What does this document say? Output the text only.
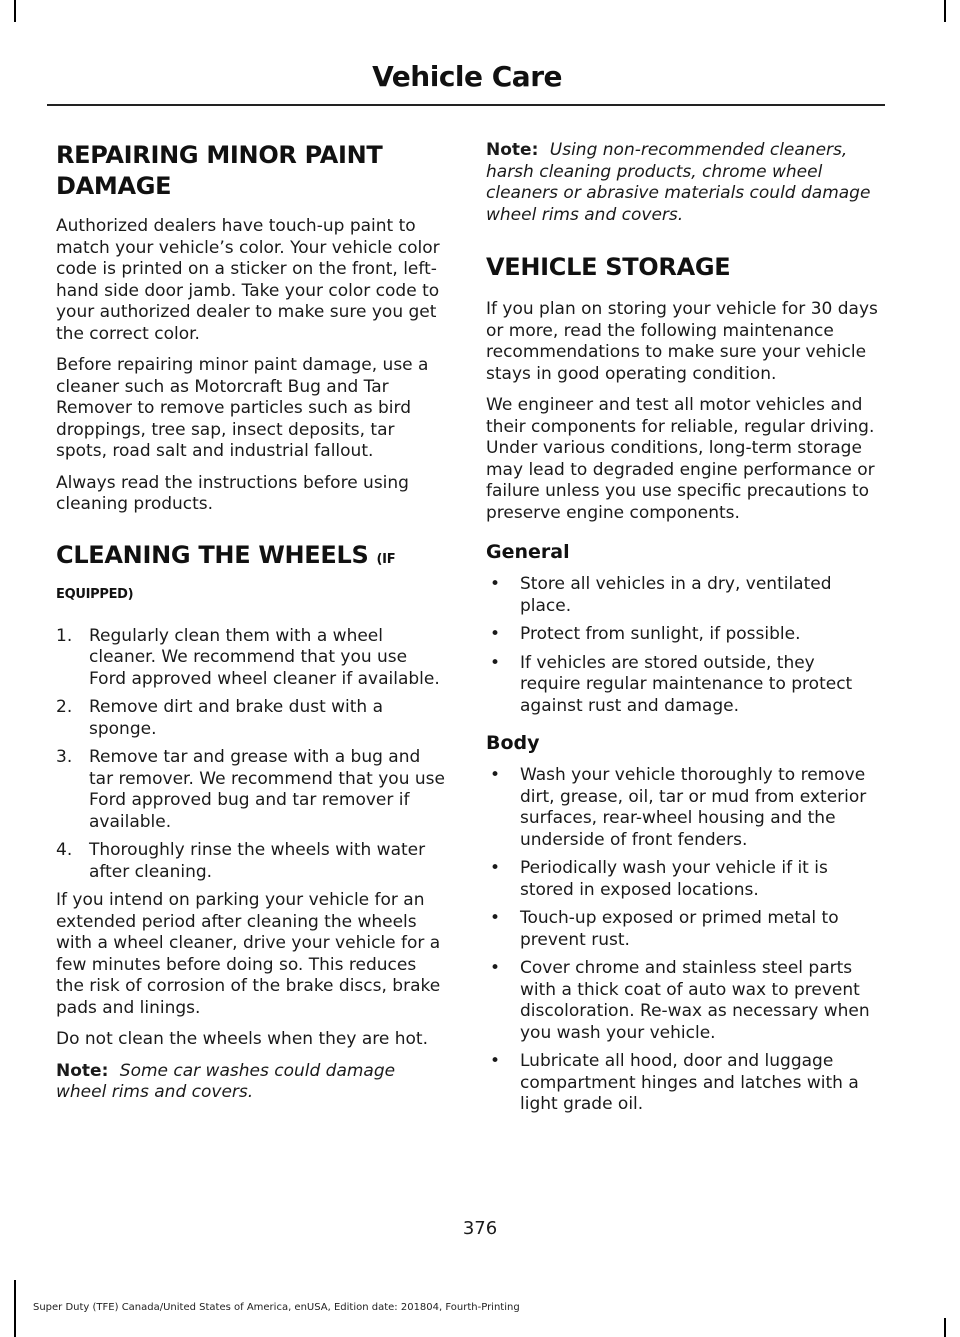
Vehicle Care
REPAIRING MINOR PAINT DAMAGE

Authorized dealers have touch-up paint to match your vehicle’s color. Your vehicle color code is printed on a sticker on the front, left-hand side door jamb. Take your color code to your authorized dealer to make sure you get the correct color.

Before repairing minor paint damage, use a cleaner such as Motorcraft Bug and Tar Remover to remove particles such as bird droppings, tree sap, insect deposits, tar spots, road salt and industrial fallout.

Always read the instructions before using cleaning products.

CLEANING THE WHEELS (IF EQUIPPED)
1. Regularly clean them with a wheel cleaner. We recommend that you use Ford approved wheel cleaner if available.
2. Remove dirt and brake dust with a sponge.
3. Remove tar and grease with a bug and tar remover. We recommend that you use Ford approved bug and tar remover if available.
4. Thoroughly rinse the wheels with water after cleaning.

If you intend on parking your vehicle for an extended period after cleaning the wheels with a wheel cleaner, drive your vehicle for a few minutes before doing so. This reduces the risk of corrosion of the brake discs, brake pads and linings.

Do not clean the wheels when they are hot.

Note: Some car washes could damage wheel rims and covers.

Note: Using non-recommended cleaners, harsh cleaning products, chrome wheel cleaners or abrasive materials could damage wheel rims and covers.

VEHICLE STORAGE

If you plan on storing your vehicle for 30 days or more, read the following maintenance recommendations to make sure your vehicle stays in good operating condition.

We engineer and test all motor vehicles and their components for reliable, regular driving. Under various conditions, long-term storage may lead to degraded engine performance or failure unless you use specific precautions to preserve engine components.

General
• Store all vehicles in a dry, ventilated place.
• Protect from sunlight, if possible.
• If vehicles are stored outside, they require regular maintenance to protect against rust and damage.
Body
• Wash your vehicle thoroughly to remove dirt, grease, oil, tar or mud from exterior surfaces, rear-wheel housing and the underside of front fenders.
• Periodically wash your vehicle if it is stored in exposed locations.
• Touch-up exposed or primed metal to prevent rust.
• Cover chrome and stainless steel parts with a thick coat of auto wax to prevent discoloration. Re-wax as necessary when you wash your vehicle.
• Lubricate all hood, door and luggage compartment hinges and latches with a light grade oil.
376
Super Duty (TFE) Canada/United States of America, enUSA, Edition date: 201804, Fourth-Printing
